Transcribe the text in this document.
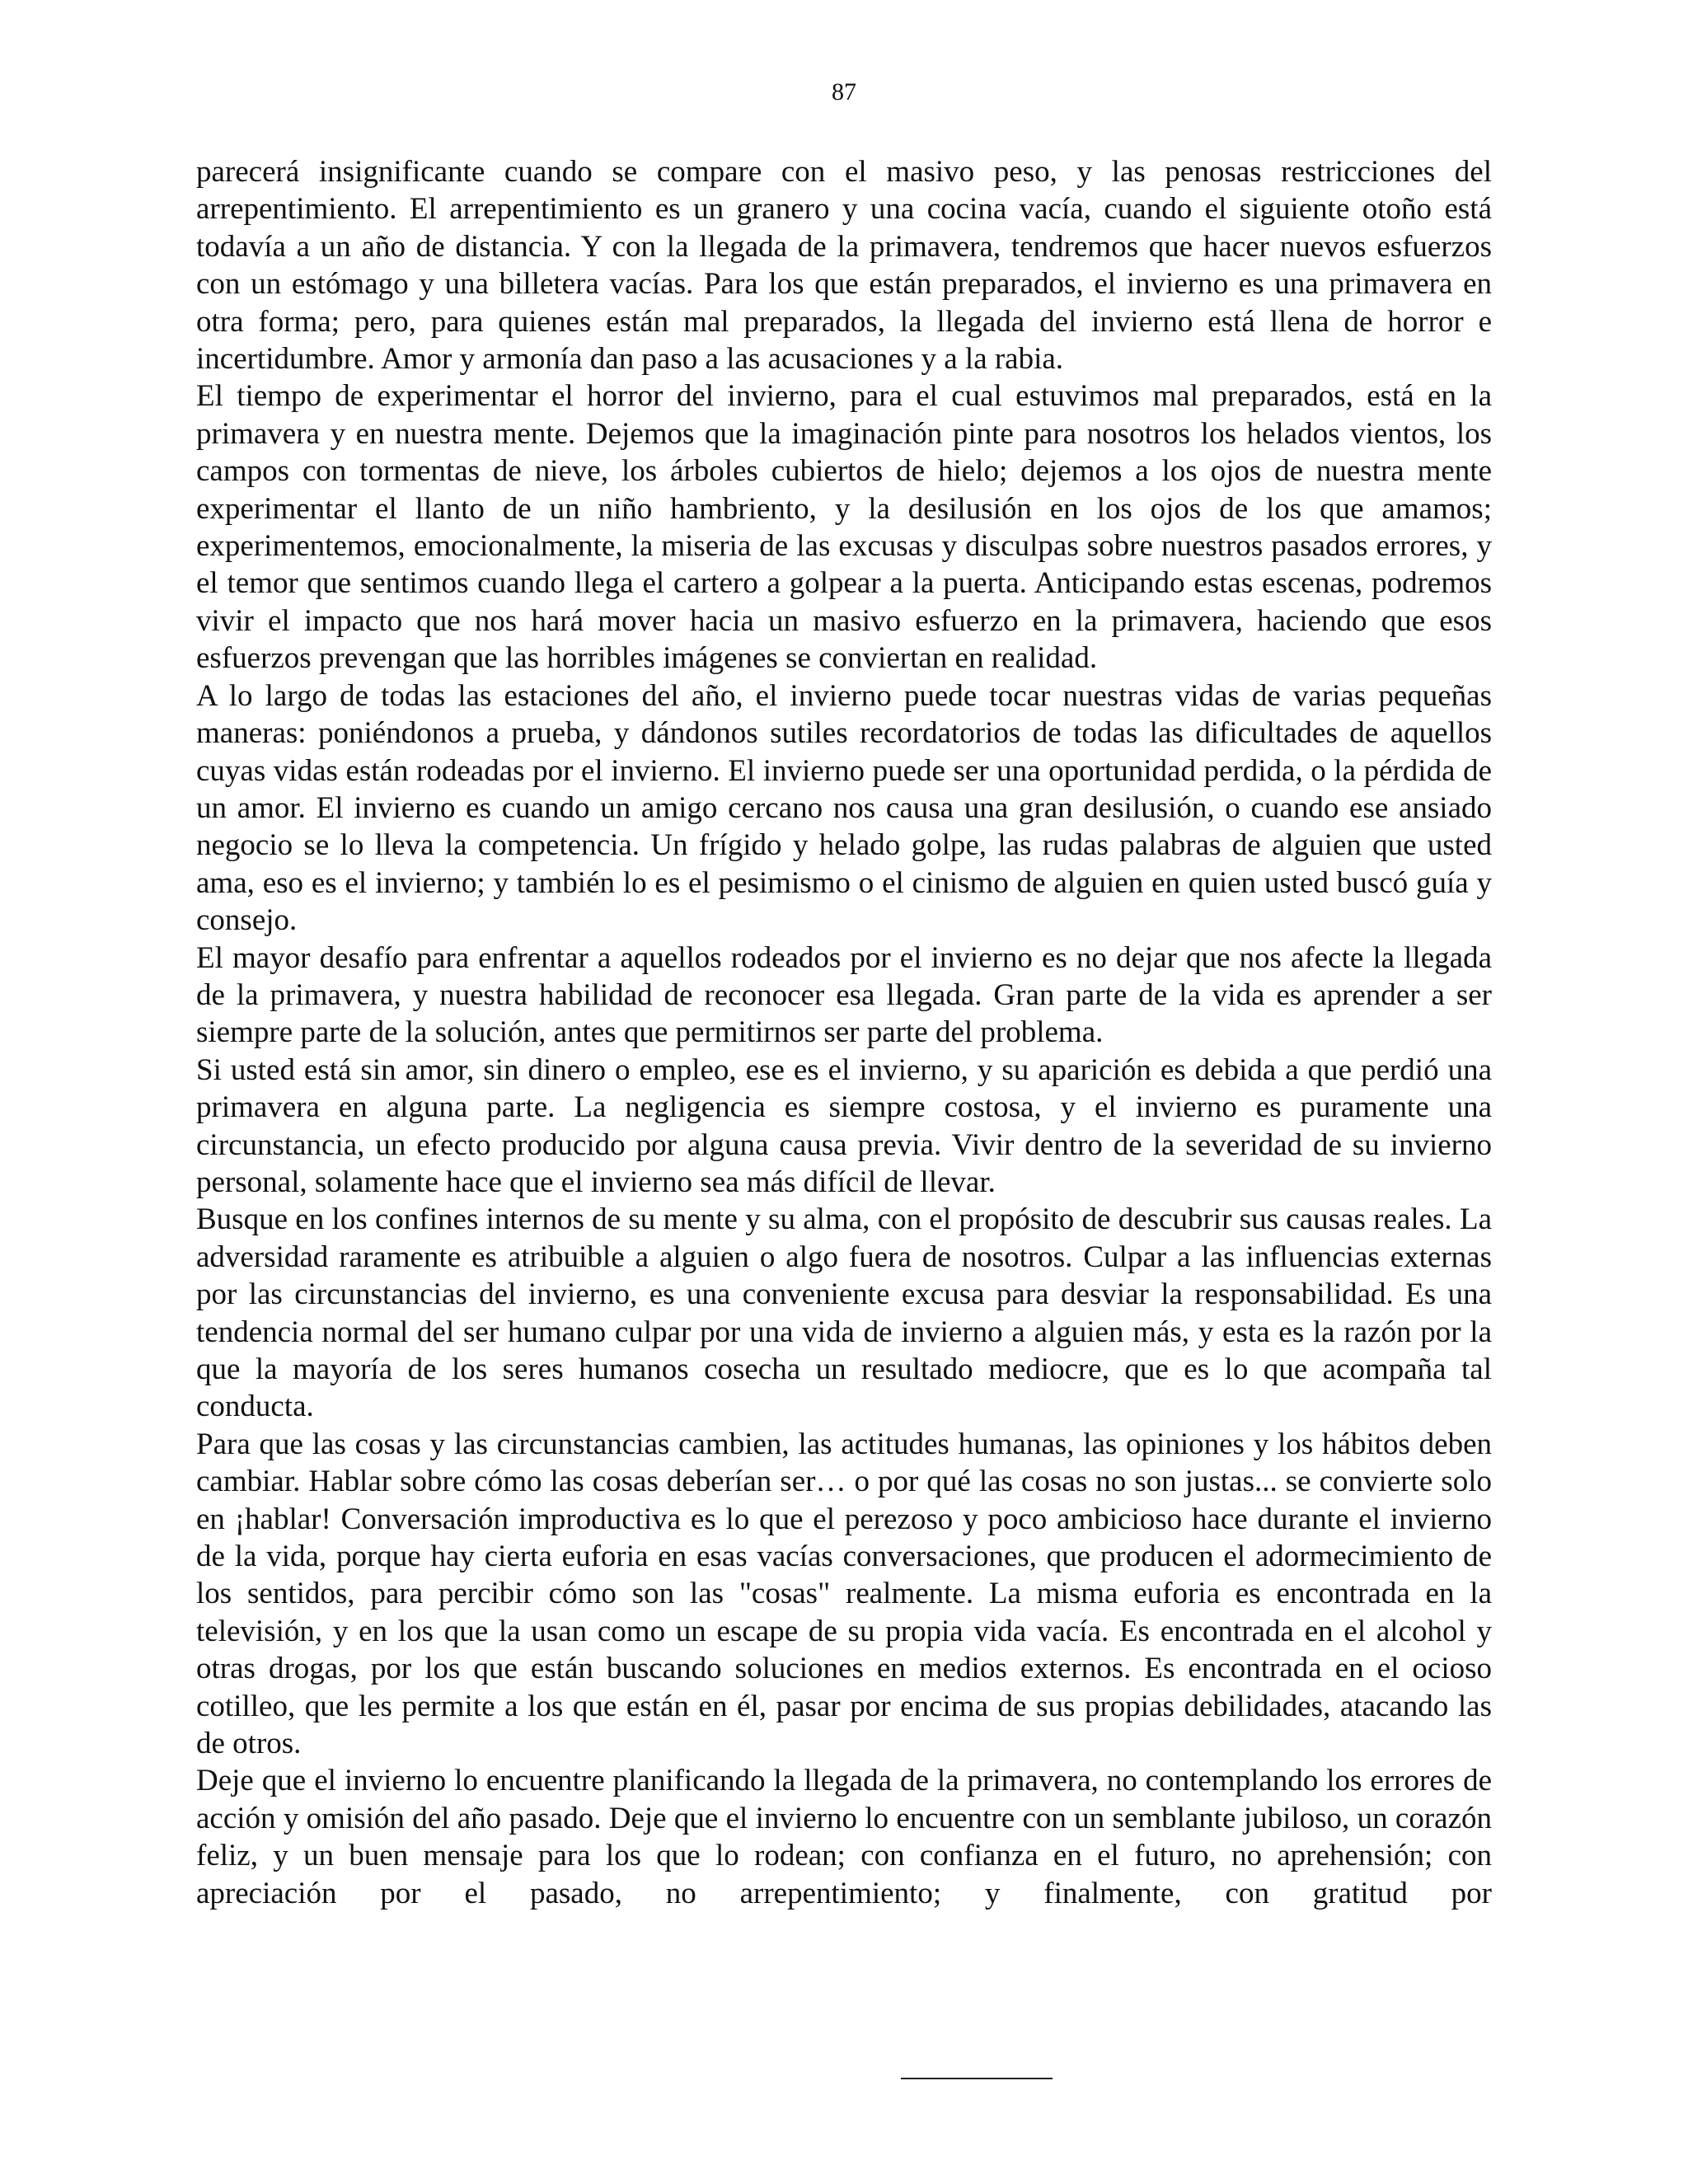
87

parecerá insignificante cuando se compare con el masivo peso, y las penosas restricciones del arrepentimiento. El arrepentimiento es un granero y una cocina vacía, cuando el siguiente otoño está todavía a un año de distancia. Y con la llegada de la primavera, tendremos que hacer nuevos esfuerzos con un estómago y una billetera vacías. Para los que están preparados, el invierno es una primavera en otra forma; pero, para quienes están mal preparados, la llegada del invierno está llena de horror e incertidumbre. Amor y armonía dan paso a las acusaciones y a la rabia.

El tiempo de experimentar el horror del invierno, para el cual estuvimos mal preparados, está en la primavera y en nuestra mente. Dejemos que la imaginación pinte para nosotros los helados vientos, los campos con tormentas de nieve, los árboles cubiertos de hielo; dejemos a los ojos de nuestra mente experimentar el llanto de un niño hambriento, y la desilusión en los ojos de los que amamos; experimentemos, emocionalmente, la miseria de las excusas y disculpas sobre nuestros pasados errores, y el temor que sentimos cuando llega el cartero a golpear a la puerta. Anticipando estas escenas, podremos vivir el impacto que nos hará mover hacia un masivo esfuerzo en la primavera, haciendo que esos esfuerzos prevengan que las horribles imágenes se conviertan en realidad.

A lo largo de todas las estaciones del año, el invierno puede tocar nuestras vidas de varias pequeñas maneras: poniéndonos a prueba, y dándonos sutiles recordatorios de todas las dificultades de aquellos cuyas vidas están rodeadas por el invierno. El invierno puede ser una oportunidad perdida, o la pérdida de un amor. El invierno es cuando un amigo cercano nos causa una gran desilusión, o cuando ese ansiado negocio se lo lleva la competencia. Un frígido y helado golpe, las rudas palabras de alguien que usted ama, eso es el invierno; y también lo es el pesimismo o el cinismo de alguien en quien usted buscó guía y consejo.

El mayor desafío para enfrentar a aquellos rodeados por el invierno es no dejar que nos afecte la llegada de la primavera, y nuestra habilidad de reconocer esa llegada. Gran parte de la vida es aprender a ser siempre parte de la solución, antes que permitirnos ser parte del problema.

Si usted está sin amor, sin dinero o empleo, ese es el invierno, y su aparición es debida a que perdió una primavera en alguna parte. La negligencia es siempre costosa, y el invierno es puramente una circunstancia, un efecto producido por alguna causa previa. Vivir dentro de la severidad de su invierno personal, solamente hace que el invierno sea más difícil de llevar.

Busque en los confines internos de su mente y su alma, con el propósito de descubrir sus causas reales. La adversidad raramente es atribuible a alguien o algo fuera de nosotros. Culpar a las influencias externas por las circunstancias del invierno, es una conveniente excusa para desviar la responsabilidad. Es una tendencia normal del ser humano culpar por una vida de invierno a alguien más, y esta es la razón por la que la mayoría de los seres humanos cosecha un resultado mediocre, que es lo que acompaña tal conducta.

Para que las cosas y las circunstancias cambien, las actitudes humanas, las opiniones y los hábitos deben cambiar. Hablar sobre cómo las cosas deberían ser… o por qué las cosas no son justas... se convierte solo en ¡hablar! Conversación improductiva es lo que el perezoso y poco ambicioso hace durante el invierno de la vida, porque hay cierta euforia en esas vacías conversaciones, que producen el adormecimiento de los sentidos, para percibir cómo son las "cosas" realmente. La misma euforia es encontrada en la televisión, y en los que la usan como un escape de su propia vida vacía. Es encontrada en el alcohol y otras drogas, por los que están buscando soluciones en medios externos. Es encontrada en el ocioso cotilleo, que les permite a los que están en él, pasar por encima de sus propias debilidades, atacando las de otros.

Deje que el invierno lo encuentre planificando la llegada de la primavera, no contemplando los errores de acción y omisión del año pasado. Deje que el invierno lo encuentre con un semblante jubiloso, un corazón feliz, y un buen mensaje para los que lo rodean; con confianza en el futuro, no aprehensión; con apreciación por el pasado, no arrepentimiento; y finalmente, con gratitud por
